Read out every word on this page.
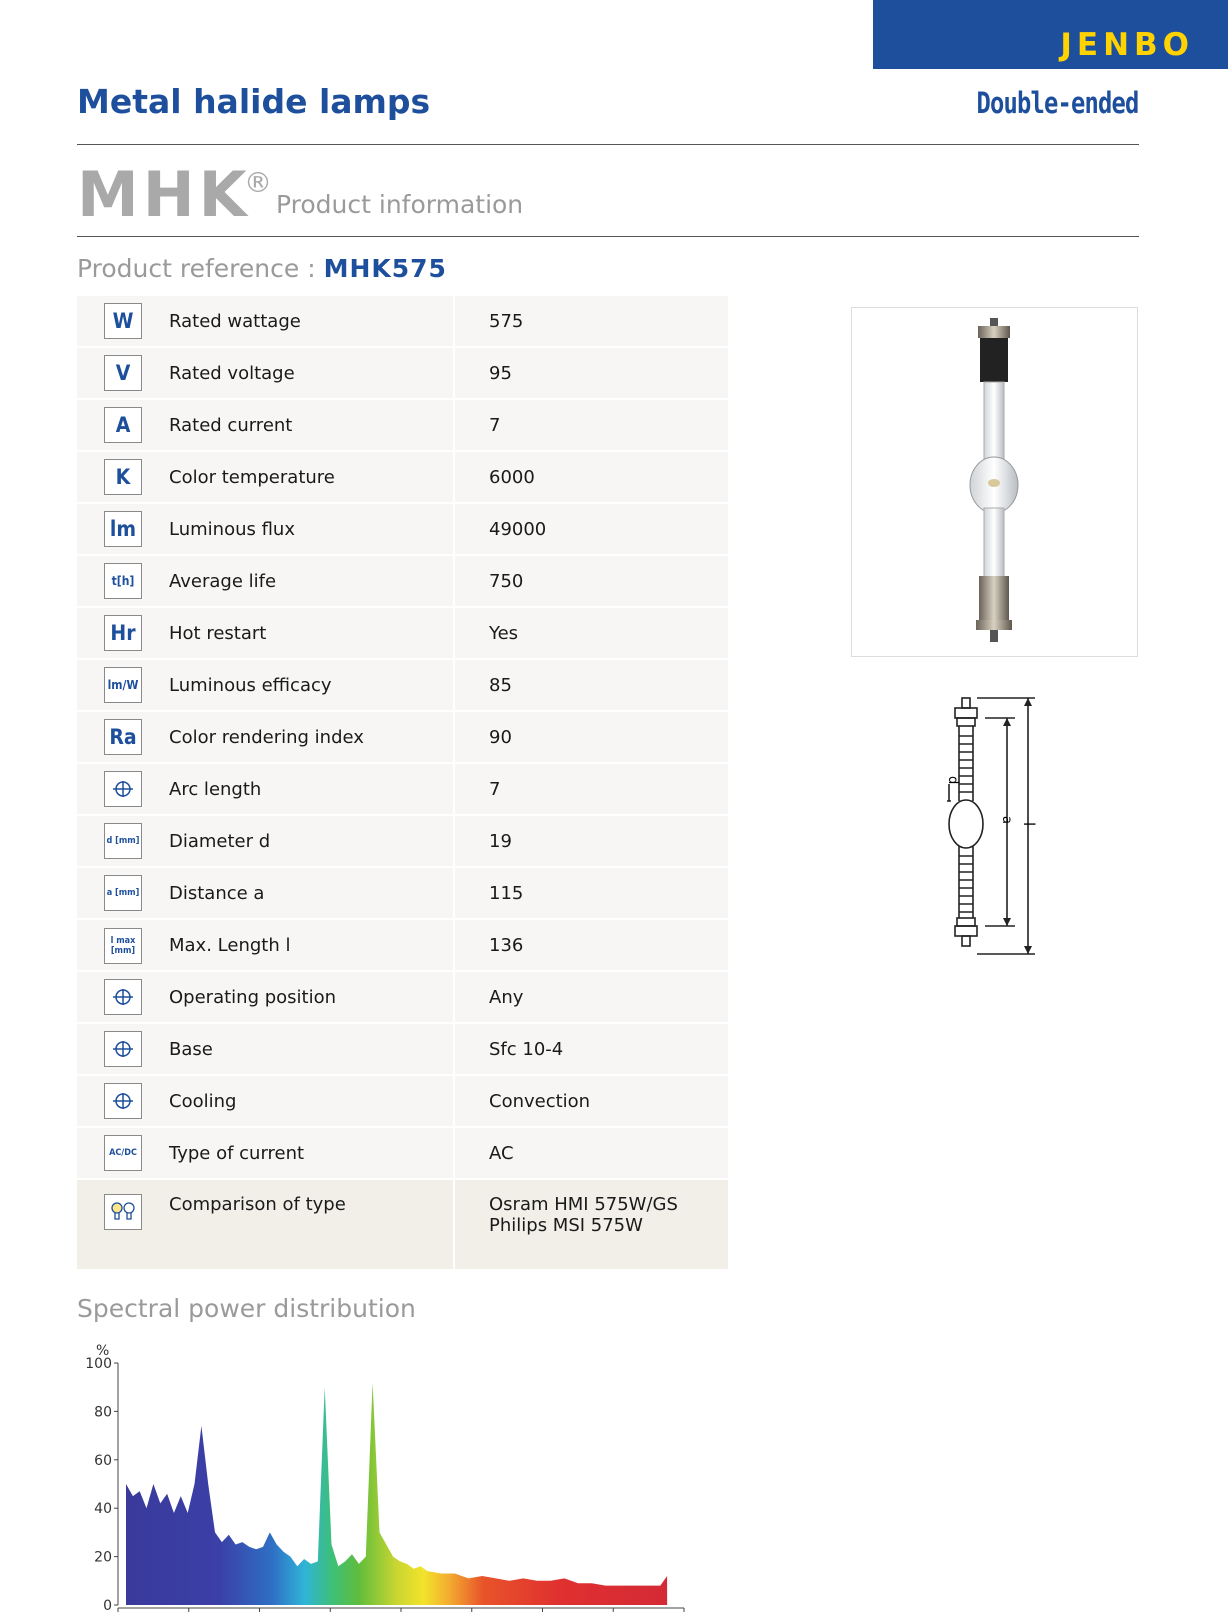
JENBO
Metal halide lamps	Double-ended
MHK
®
Product information
Product reference : MHK575
W	Rated wattage	575
V	Rated voltage	95
A	Rated current	7
K	Color temperature	6000
lm	Luminous flux	49000
t[h]	Average life	750
Hr	Hot restart	Yes
lm/W	Luminous efficacy	85
Ra	Color rendering index	90

	Arc length	7
d [mm]	Diameter d	19
a [mm]	Distance a	115
l max [mm]	Max. Length l	136

	Operating position	Any

	Base	Sfc 10-4

	Cooling	Convection
AC/DC	Type of current	AC

	Comparison of type	Osram HMI 575W/GS
Philips MSI 575W
d
a
l
Spectral power distribution
0
20
40
60
80
100
%
